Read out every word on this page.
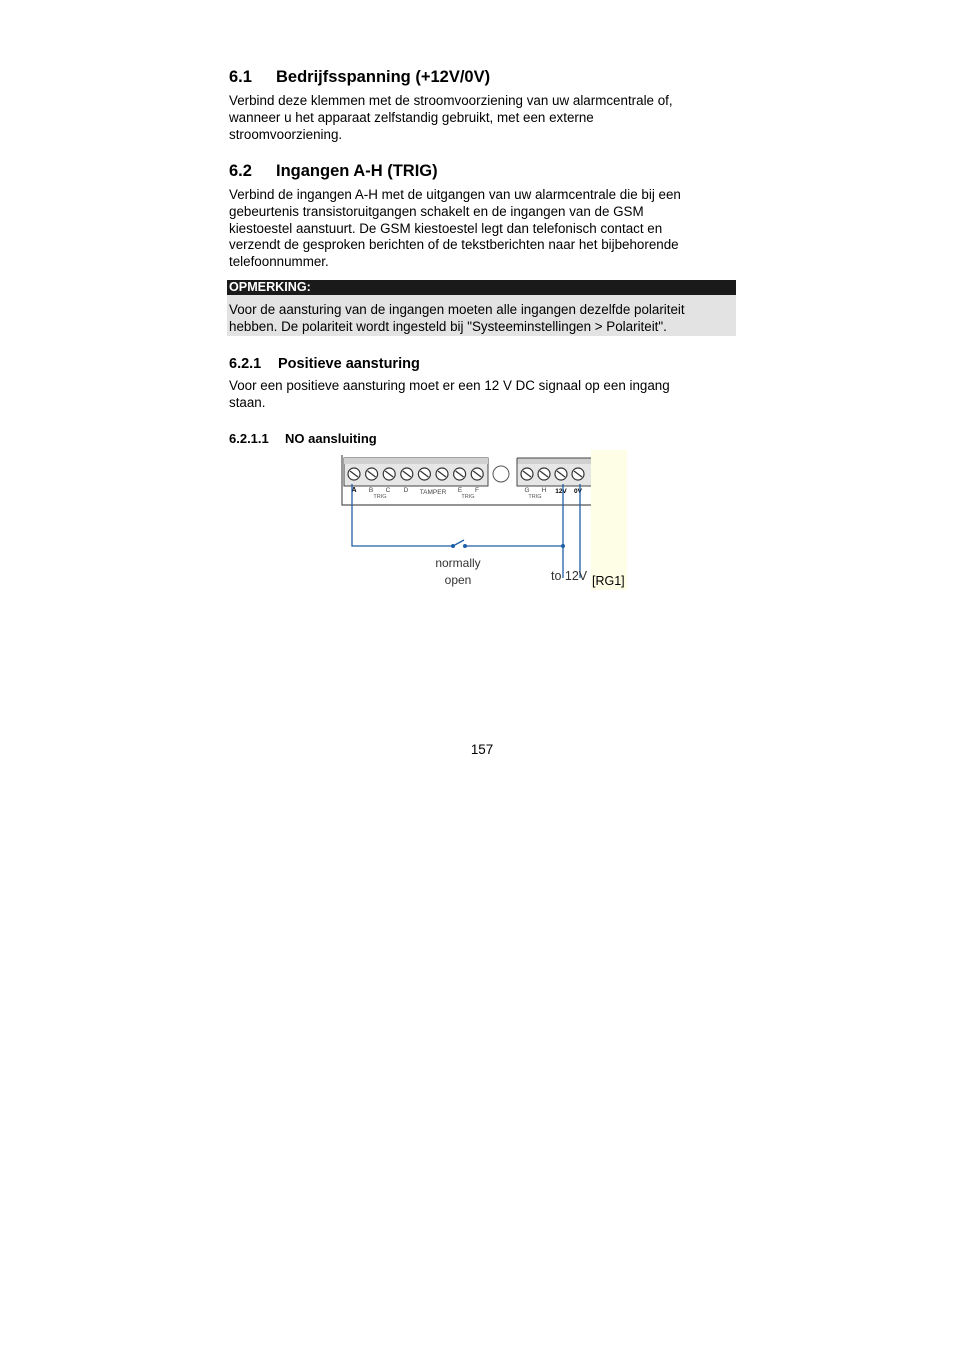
6.1 Bedrijfsspanning (+12V/0V)

Verbind deze klemmen met de stroomvoorziening van uw alarmcentrale of,
wanneer u het apparaat zelfstandig gebruikt, met een externe
stroomvoorziening.

6.2 Ingangen A-H (TRIG)

Verbind de ingangen A-H met de uitgangen van uw alarmcentrale die bij een
gebeurtenis transistoruitgangen schakelt en de ingangen van de GSM
kiestoestel aanstuurt. De GSM kiestoestel legt dan telefonisch contact en
verzendt de gesproken berichten of de tekstberichten naar het bijbehorende
telefoonnummer.

OPMERKING:
Voor de aansturing van de ingangen moeten alle ingangen dezelfde polariteit
hebben. De polariteit wordt ingesteld bij "Systeeminstellingen > Polariteit".
6.2.1 Positieve aansturing

Voor een positieve aansturing moet er een 12 V DC signaal op een ingang
staan.

6.2.1.1 NO aansluiting
A B C D TAMPER E F
TRIG	TRIG
G H 12V 0V
TRIG
normally
open	to 12V [RG1]
157
